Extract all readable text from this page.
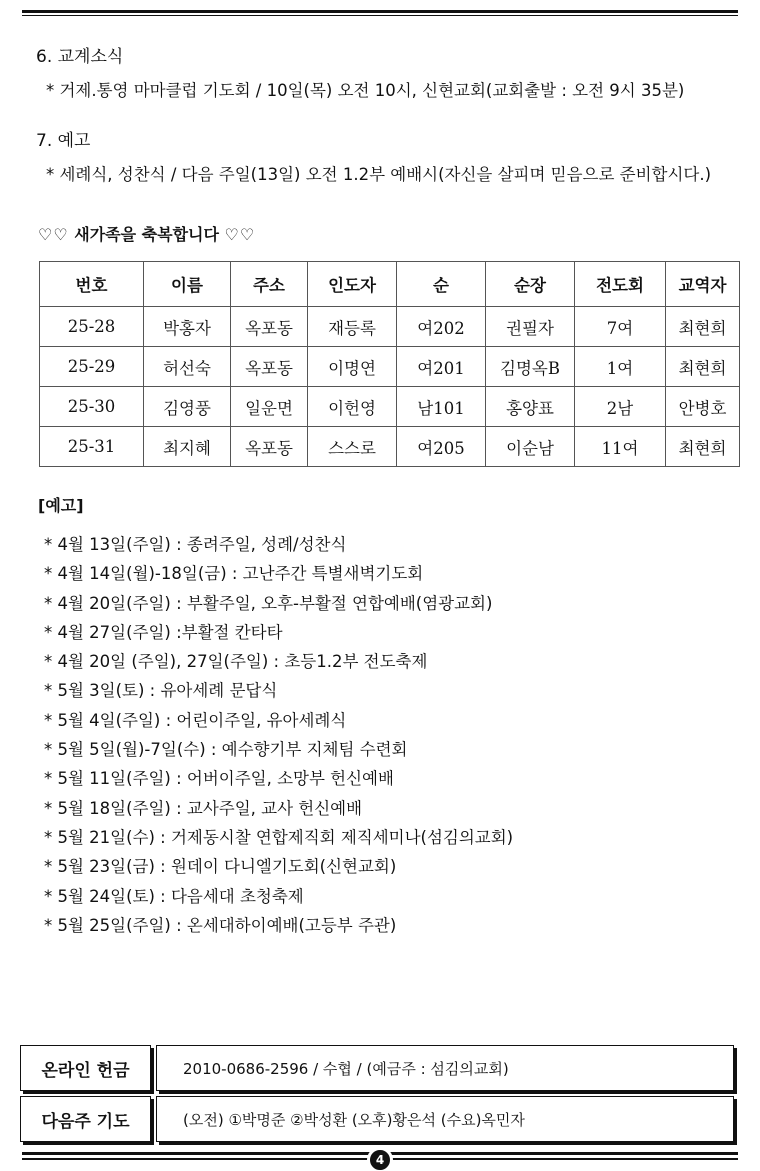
6. 교계소식
* 거제.통영 마마클럽 기도회 / 10일(목) 오전 10시, 신현교회(교회출발 : 오전 9시 35분)
7. 예고
* 세례식, 성찬식 / 다음 주일(13일) 오전 1.2부 예배시(자신을 살피며 믿음으로 준비합시다.)
♡♡ 새가족을 축복합니다 ♡♡
번호	이름	주소	인도자	순	순장	전도회	교역자
25-28	박홍자	옥포동	재등록	여202	권필자	7여	최현희
25-29	허선숙	옥포동	이명연	여201	김명옥B	1여	최현희
25-30	김영풍	일운면	이헌영	남101	홍양표	2남	안병호
25-31	최지혜	옥포동	스스로	여205	이순남	11여	최현희
[예고]
* 4월 13일(주일) : 종려주일, 성례/성찬식
* 4월 14일(월)-18일(금) : 고난주간 특별새벽기도회
* 4월 20일(주일) : 부활주일, 오후-부활절 연합예배(염광교회)
* 4월 27일(주일) :부활절 칸타타
* 4월 20일 (주일), 27일(주일) : 초등1.2부 전도축제
* 5월 3일(토) : 유아세례 문답식
* 5월 4일(주일) : 어린이주일, 유아세례식
* 5월 5일(월)-7일(수) : 예수향기부 지체팀 수련회
* 5월 11일(주일) : 어버이주일, 소망부 헌신예배
* 5월 18일(주일) : 교사주일, 교사 헌신예배
* 5월 21일(수) : 거제동시찰 연합제직회 제직세미나(섬김의교회)
* 5월 23일(금) : 원데이 다니엘기도회(신현교회)
* 5월 24일(토) : 다음세대 초청축제
* 5월 25일(주일) : 온세대하이예배(고등부 주관)
온라인 헌금	2010-0686-2596 / 수협 / (예금주 : 섬김의교회)
다음주 기도	(오전) ①박명준 ②박성환 (오후)황은석 (수요)옥민자
4
